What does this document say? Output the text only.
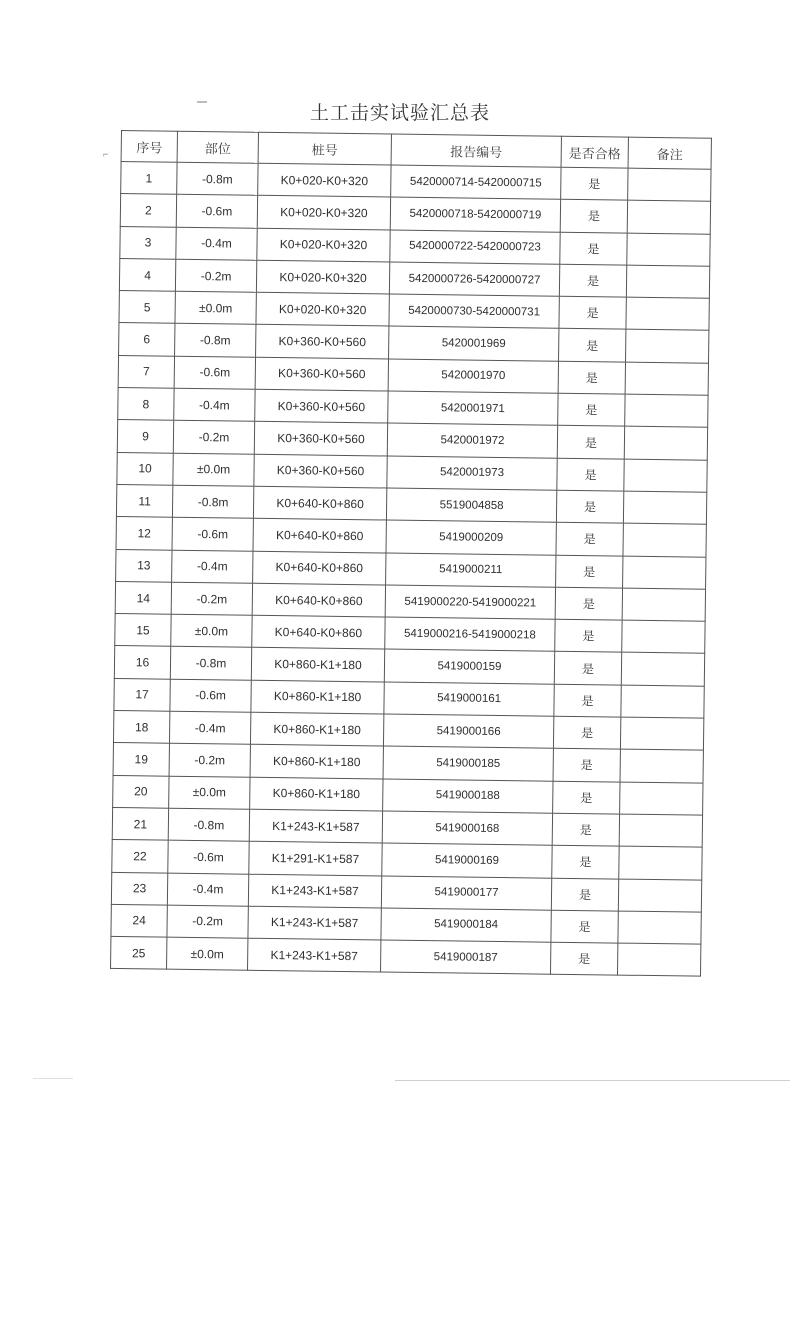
土工击实试验汇总表
⌐ 序号	部位	桩号	报告编号	是否合格	备注
1	-0.8m	K0+020-K0+320	5420000714-5420000715	是	
2	-0.6m	K0+020-K0+320	5420000718-5420000719	是	
3	-0.4m	K0+020-K0+320	5420000722-5420000723	是	
4	-0.2m	K0+020-K0+320	5420000726-5420000727	是	
5	±0.0m	K0+020-K0+320	5420000730-5420000731	是	
6	-0.8m	K0+360-K0+560	5420001969	是	
7	-0.6m	K0+360-K0+560	5420001970	是	
8	-0.4m	K0+360-K0+560	5420001971	是	
9	-0.2m	K0+360-K0+560	5420001972	是	
10	±0.0m	K0+360-K0+560	5420001973	是	
11	-0.8m	K0+640-K0+860	5519004858	是	
12	-0.6m	K0+640-K0+860	5419000209	是	
13	-0.4m	K0+640-K0+860	5419000211	是	
14	-0.2m	K0+640-K0+860	5419000220-5419000221	是	
15	±0.0m	K0+640-K0+860	5419000216-5419000218	是	
16	-0.8m	K0+860-K1+180	5419000159	是	
17	-0.6m	K0+860-K1+180	5419000161	是	
18	-0.4m	K0+860-K1+180	5419000166	是	
19	-0.2m	K0+860-K1+180	5419000185	是	
20	±0.0m	K0+860-K1+180	5419000188	是	
21	-0.8m	K1+243-K1+587	5419000168	是	
22	-0.6m	K1+291-K1+587	5419000169	是	
23	-0.4m	K1+243-K1+587	5419000177	是	
24	-0.2m	K1+243-K1+587	5419000184	是	
25	±0.0m	K1+243-K1+587	5419000187	是	
